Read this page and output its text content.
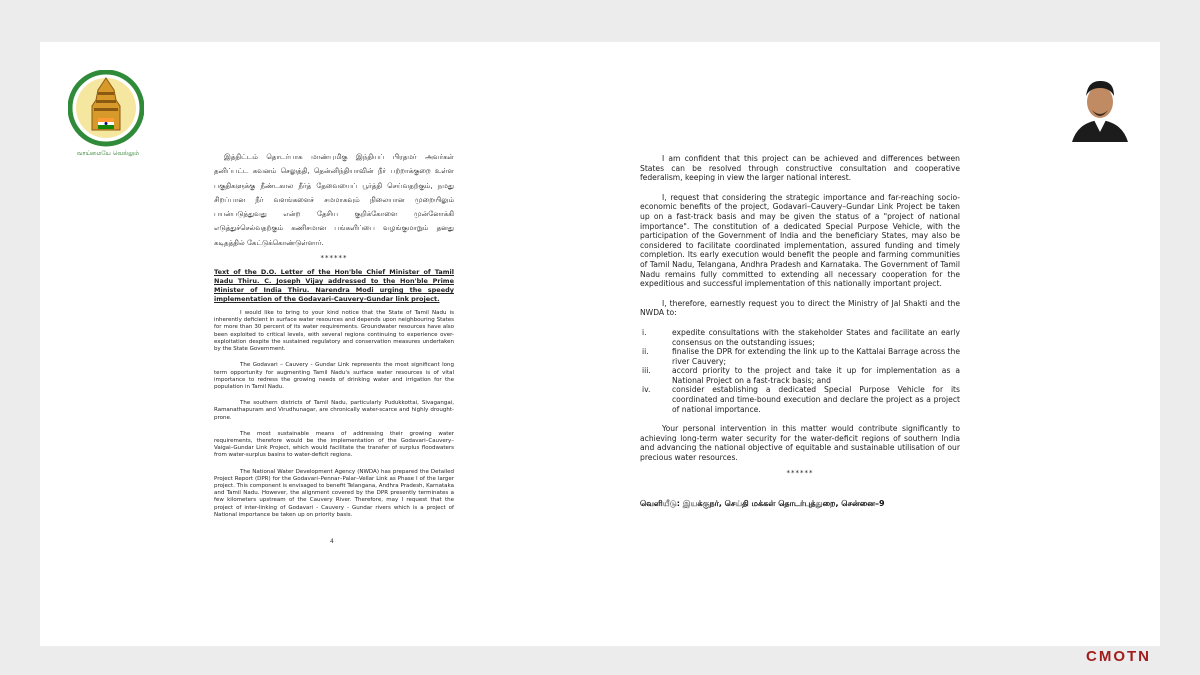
வாய்மையே வெல்லும்	இத்திட்டம் தொடர்பாக மாண்புமிகு இந்தியப் பிரதமர் அவர்கள் தனிப்பட்ட கவனம் செலுத்தி, தென்னிந்தியாவின் நீர் பற்றாக்குறை உள்ள பகுதிகளுக்கு நீண்டகால நீர்த் தேவையைப் பூர்த்தி செய்வதற்கும், நமது சிறப்பான நீர் வளங்களைச் சமமாகவும் நிலையான முறையிலும் பயன்படுத்துவது என்ற தேசிய குறிக்கோளை முன்னோக்கி எடுத்துச்செல்வதற்கும் கணிசமான பங்களிப்பை வழங்குமாறும் தனது கடிதத்தில் கேட்டுக்கொண்டுள்ளார்.

******

Text of the D.O. Letter of the Hon'ble Chief Minister of Tamil Nadu Thiru. C. Joseph Vijay addressed to the Hon'ble Prime Minister of India Thiru. Narendra Modi urging the speedy implementation of the Godavari-Cauvery-Gundar link project.

I would like to bring to your kind notice that the State of Tamil Nadu is inherently deficient in surface water resources and depends upon neighbouring States for more than 30 percent of its water requirements. Groundwater resources have also been exploited to critical levels, with several regions continuing to experience over-exploitation despite the sustained regulatory and conservation measures undertaken by the State Government.

The Godavari – Cauvery - Gundar Link represents the most significant long term opportunity for augmenting Tamil Nadu's surface water resources is of vital importance to redress the growing needs of drinking water and irrigation for the population in Tamil Nadu.

The southern districts of Tamil Nadu, particularly Pudukkottai, Sivagangai, Ramanathapuram and Virudhunagar, are chronically water-scarce and highly drought-prone.

The most sustainable means of addressing their growing water requirements, therefore would be the implementation of the Godavari–Cauvery–Vaigai–Gundar Link Project, which would facilitate the transfer of surplus floodwaters from water-surplus basins to water-deficit regions.

The National Water Development Agency (NWDA) has prepared the Detailed Project Report (DPR) for the Godavari–Pennar–Palar–Vellar Link as Phase I of the larger project. This component is envisaged to benefit Telangana, Andhra Pradesh, Karnataka and Tamil Nadu. However, the alignment covered by the DPR presently terminates a few kilometers upstream of the Cauvery River. Therefore, may I request that the project of inter-linking of Godavari - Cauvery - Gundar rivers which is a project of National importance be taken up on priority basis.

4

I am confident that this project can be achieved and differences between States can be resolved through constructive consultation and cooperative federalism, keeping in view the larger national interest.

I, request that considering the strategic importance and far-reaching socio-economic benefits of the project, Godavari–Cauvery–Gundar Link Project be taken up on a fast-track basis and may be given the status of a "project of national importance". The constitution of a dedicated Special Purpose Vehicle, with the participation of the Government of India and the beneficiary States, may also be considered to facilitate coordinated implementation, assured funding and timely completion. Its early execution would benefit the people and farming communities of Tamil Nadu, Telangana, Andhra Pradesh and Karnataka. The Government of Tamil Nadu remains fully committed to extending all necessary cooperation for the expeditious and successful implementation of this nationally important project.

I, therefore, earnestly request you to direct the Ministry of Jal Shakti and the NWDA to:

i.	expedite consultations with the stakeholder States and facilitate an early consensus on the outstanding issues;
ii.	finalise the DPR for extending the link up to the Kattalai Barrage across the river Cauvery;
iii.	accord priority to the project and take it up for implementation as a National Project on a fast-track basis; and
iv.	consider establishing a dedicated Special Purpose Vehicle for its coordinated and time-bound execution and declare the project as a project of national importance.

Your personal intervention in this matter would contribute significantly to achieving long-term water security for the water-deficit regions of southern India and advancing the national objective of equitable and sustainable utilisation of our precious water resources.

******
வெளியீடு: இயக்குநர், செய்தி மக்கள் தொடர்புத்துறை, சென்னை–9
CMOTN
